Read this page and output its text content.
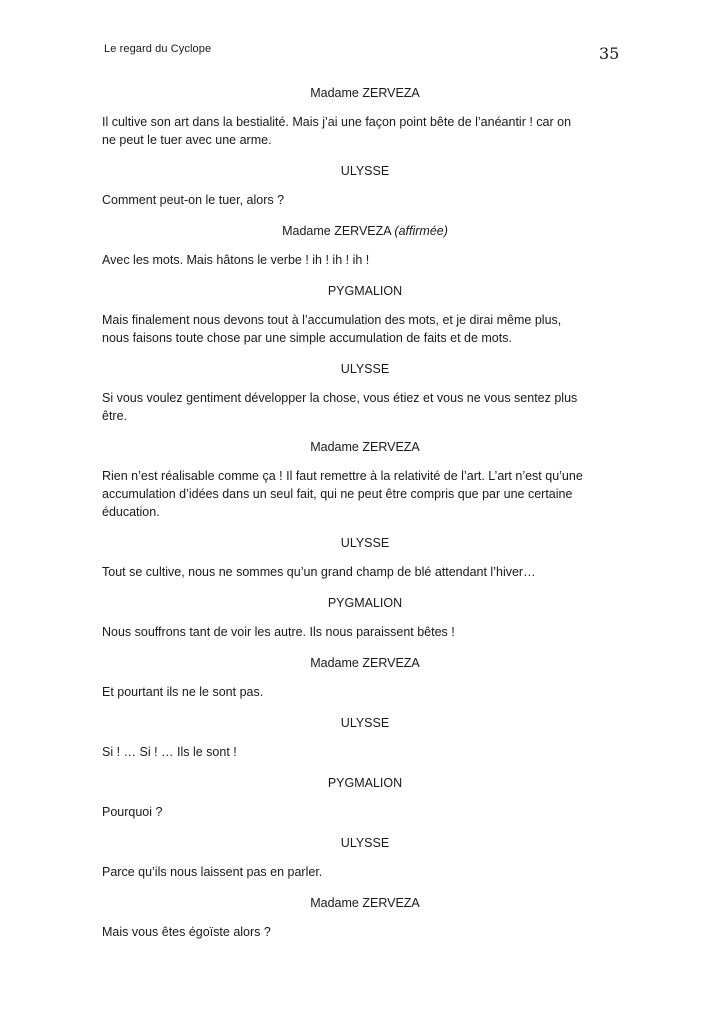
Le regard du Cyclope	35
Madame ZERVEZA
Il cultive son art dans la bestialité. Mais j’ai une façon point bête de l’anéantir ! car on
ne peut le tuer avec une arme.
ULYSSE
Comment peut-on le tuer, alors ?
Madame ZERVEZA (affirmée)
Avec les mots. Mais hâtons le verbe ! ih ! ih ! ih !
PYGMALION
Mais finalement nous devons tout à l’accumulation des mots, et je dirai même plus,
nous faisons toute chose par une simple accumulation de faits et de mots.
ULYSSE
Si vous voulez gentiment développer la chose, vous étiez et vous ne vous sentez plus
être.
Madame ZERVEZA
Rien n’est réalisable comme ça ! Il faut remettre à la relativité de l’art. L’art n’est qu’une
accumulation d’idées dans un seul fait, qui ne peut être compris que par une certaine
éducation.
ULYSSE
Tout se cultive, nous ne sommes qu’un grand champ de blé attendant l’hiver…
PYGMALION
Nous souffrons tant de voir les autre. Ils nous paraissent bêtes !
Madame ZERVEZA
Et pourtant ils ne le sont pas.
ULYSSE
Si ! … Si ! … Ils le sont !
PYGMALION
Pourquoi ?
ULYSSE
Parce qu’ils nous laissent pas en parler.
Madame ZERVEZA
Mais vous êtes égoïste alors ?
